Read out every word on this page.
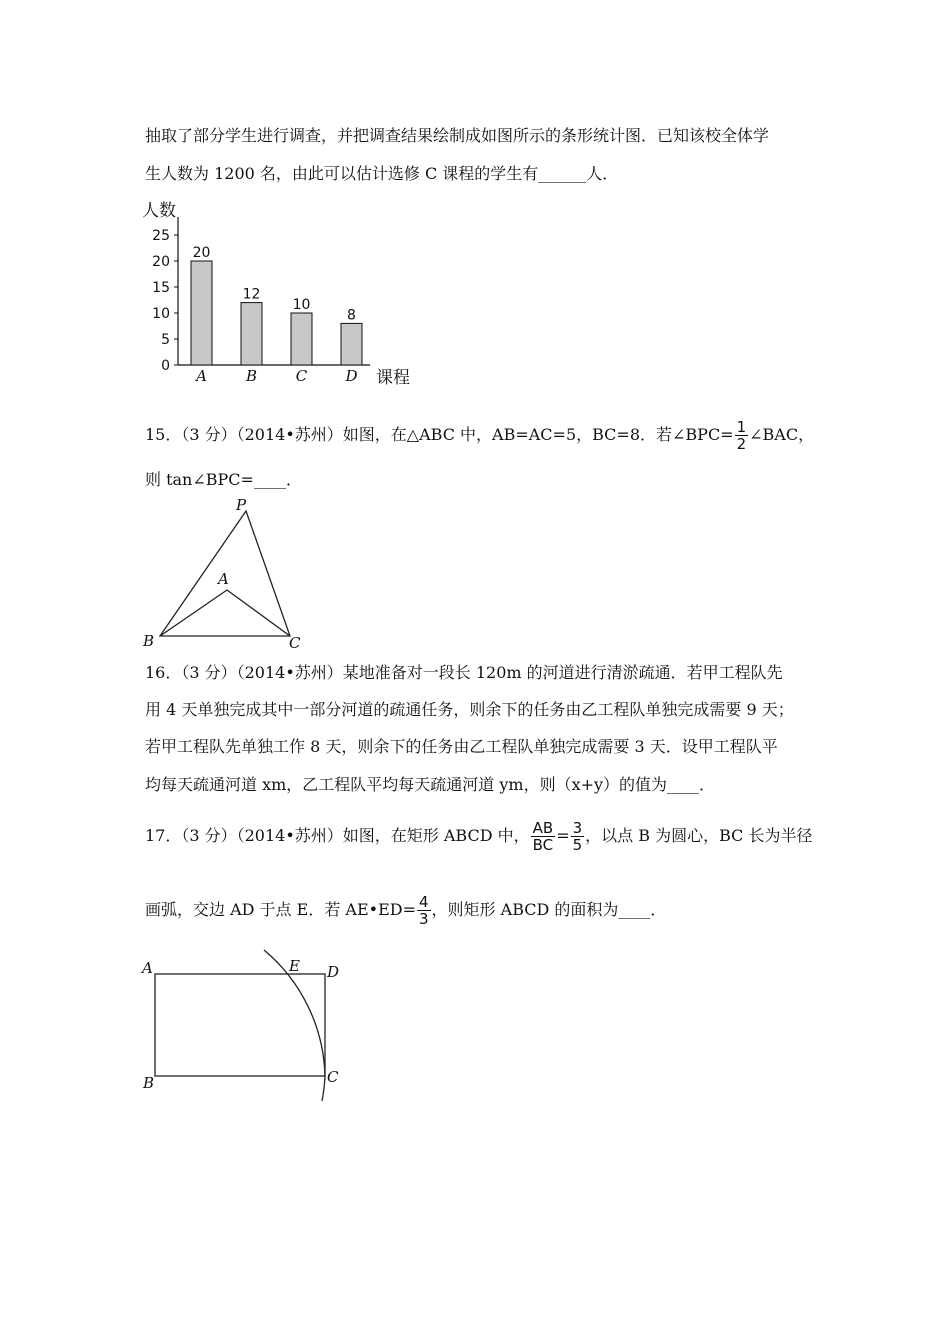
抽取了部分学生进行调查，并把调查结果绘制成如图所示的条形统计图．已知该校全体学
生人数为 1200 名，由此可以估计选修 C 课程的学生有______人．
人数
课程
0
5
10
15
20
25
20
A
12
B
10
C
8
D
15．（3 分）（2014•苏州）如图，在△ABC 中，AB=AC=5，BC=8．若∠BPC= $\frac{1}{2}$ ∠BAC，
则 tan∠BPC=____．
P
A
B	C
16．（3 分）（2014•苏州）某地准备对一段长 120m 的河道进行清淤疏通．若甲工程队先
用 4 天单独完成其中一部分河道的疏通任务，则余下的任务由乙工程队单独完成需要 9 天；
若甲工程队先单独工作 8 天，则余下的任务由乙工程队单独完成需要 3 天．设甲工程队平
均每天疏通河道 xm，乙工程队平均每天疏通河道 ym，则（x+y）的值为____．
17．（3 分）（2014•苏州）如图，在矩形 ABCD 中， $\frac{AB}{BC} = \frac{3}{5}$ ，以点 B 为圆心，BC 长为半径
画弧，交边 AD 于点 E．若 AE•ED= $\frac{4}{3}$ ，则矩形 ABCD 的面积为____．
A	E D
B	C
